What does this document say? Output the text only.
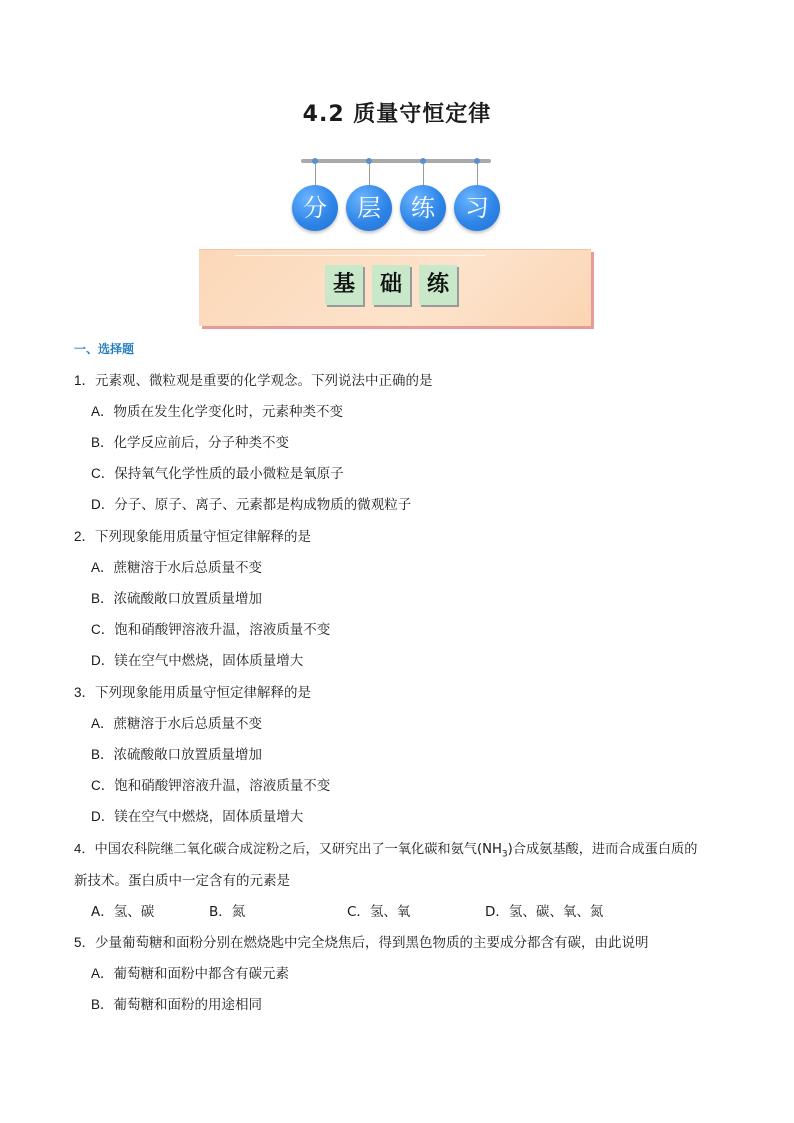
4.2 质量守恒定律
分	层	练	习
基	础	练
一、选择题
1．元素观、微粒观是重要的化学观念。下列说法中正确的是
A．物质在发生化学变化时，元素种类不变
B．化学反应前后，分子种类不变
C．保持氧气化学性质的最小微粒是氧原子
D．分子、原子、离子、元素都是构成物质的微观粒子
2．下列现象能用质量守恒定律解释的是
A．蔗糖溶于水后总质量不变
B．浓硫酸敞口放置质量增加
C．饱和硝酸钾溶液升温，溶液质量不变
D．镁在空气中燃烧，固体质量增大
3．下列现象能用质量守恒定律解释的是
A．蔗糖溶于水后总质量不变
B．浓硫酸敞口放置质量增加
C．饱和硝酸钾溶液升温，溶液质量不变
D．镁在空气中燃烧，固体质量增大
4．中国农科院继二氧化碳合成淀粉之后，又研究出了一氧化碳和氨气$(NH_3)$合成氨基酸，进而合成蛋白质的
新技术。蛋白质中一定含有的元素是
A．氢、碳	B．氮	C．氢、氧	D．氢、碳、氧、氮
5．少量葡萄糖和面粉分别在燃烧匙中完全烧焦后，得到黑色物质的主要成分都含有碳，由此说明
A．葡萄糖和面粉中都含有碳元素
B．葡萄糖和面粉的用途相同
